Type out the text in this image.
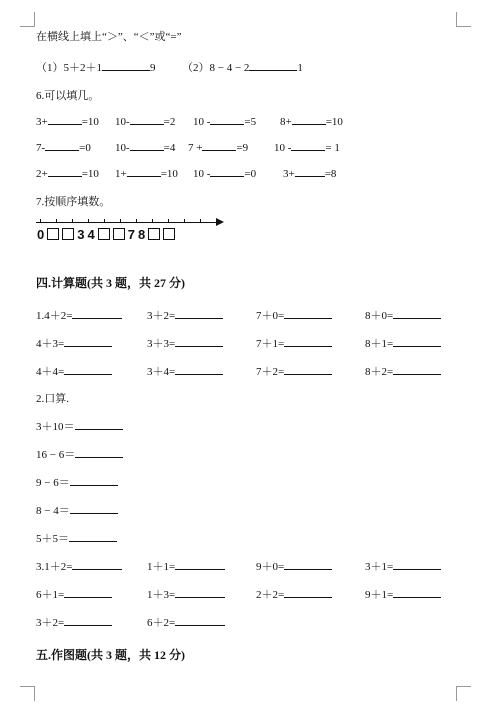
在横线上填上“＞”、“＜”或“=”
（1）5＋2＋1	9 （2）8 − 4 − 2	1
6.可以填几。
3+	=10 10-	=2 10 -	=5 8+	=10
7-	=0 10-	=4 7 +	=9 10 -	= 1
2+	=10 1+	=10 10 -	=0 3+	=8
7.按顺序填数。
0	3 4	7 8
四.计算题(共 3 题，共 27 分)
1.4＋2=	3＋2=	7＋0=	8＋0=
4＋3=	3＋3=	7＋1=	8＋1=
4＋4=	3＋4=	7＋2=	8＋2=
2.口算.
3＋10＝
16 − 6＝
9 − 6＝
8 − 4＝
5＋5＝
3.1＋2=	1＋1=	9＋0=	3＋1=
6＋1=	1＋3=	2＋2=	9＋1=
3＋2=	6＋2=
五.作图题(共 3 题，共 12 分)
